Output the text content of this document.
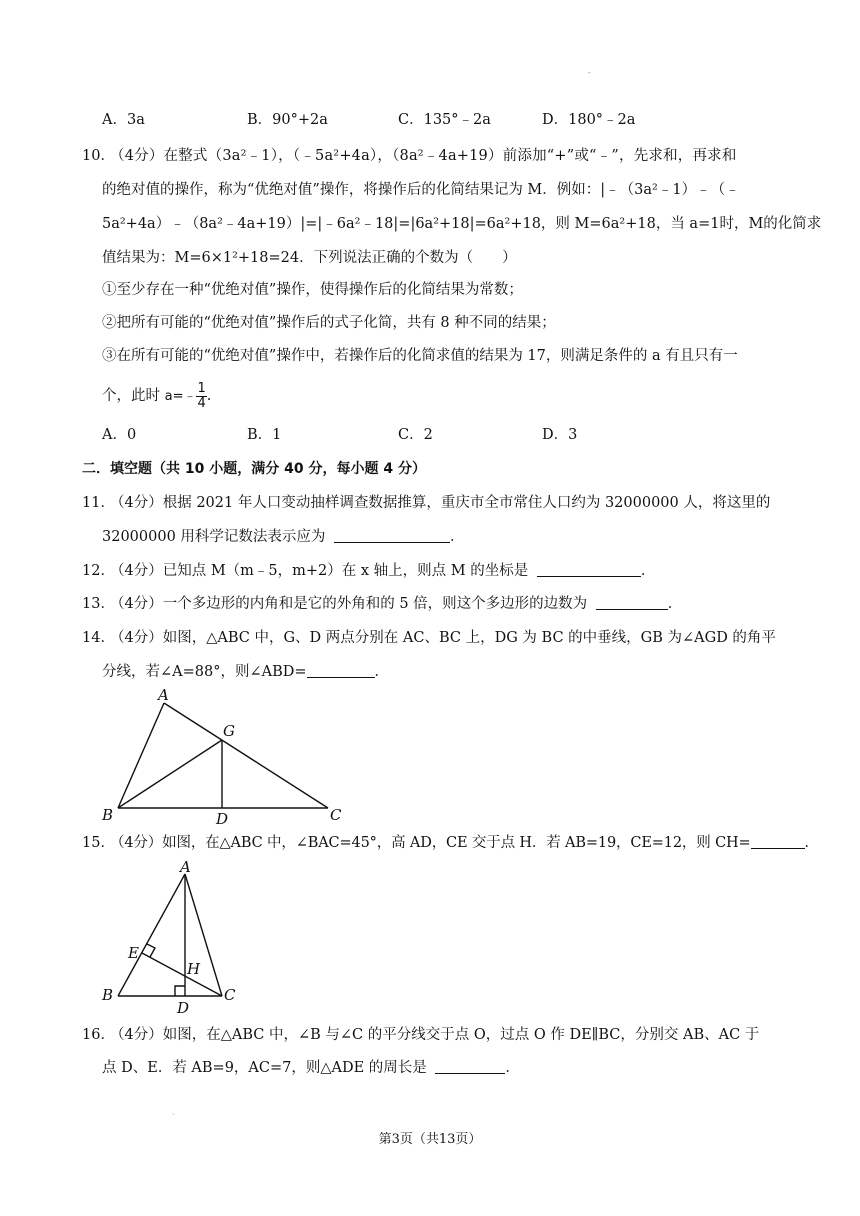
-
A．3a	B．90°+2a	C．135°﹣2a	D．180°﹣2a
10．
（4分）在整式（3a²﹣1），（﹣5a²+4a），（8a²﹣4a+19）前添加“+”或“﹣”，先求和，再求和
的绝对值的操作，称为“优绝对值”操作，将操作后的化简结果记为 M．例如：|﹣（3a²﹣1）﹣（﹣
5a²+4a）﹣（8a²﹣4a+19）|=|﹣6a²﹣18|=|6a²+18|=6a²+18，则 M=6a²+18，当 a=1时，M的化简求
值结果为：M=6×1²+18=24．下列说法正确的个数为（　　）
①至少存在一种“优绝对值”操作，使得操作后的化简结果为常数；
②把所有可能的“优绝对值”操作后的式子化简，共有 8 种不同的结果；
③在所有可能的“优绝对值”操作中，若操作后的化简求值的结果为 17，则满足条件的 a 有且只有一
个，此时 a=﹣ $\frac{1}{4}$ .
A．0	B．1	C．2	D．3
二．填空题（共 10 小题，满分 40 分，每小题 4 分）
11．
（4分）根据 2021 年人口变动抽样调查数据推算，重庆市全市常住人口约为 32000000 人，将这里的
32000000 用科学记数法表示应为	．
12．
（4分）已知点 M（m﹣5，m+2）在 x 轴上，则点 M 的坐标是	．
13．
（4分）一个多边形的内角和是它的外角和的 5 倍，则这个多边形的边数为	．
14．
（4分）如图，△ABC 中，G、D 两点分别在 AC、BC 上，DG 为 BC 的中垂线，GB 为∠AGD 的角平
分线，若∠A=88°，则∠ABD=	．
A
G
B	D	C
15．
（4分）如图，在△ABC 中，∠BAC=45°，高 AD，CE 交于点 H．若 AB=19，CE=12，则 CH=	．
A
E
H
B
D
C
16．
（4分）如图，在△ABC 中，∠B 与∠C 的平分线交于点 O，过点 O 作 DE∥BC，分别交 AB、AC 于
点 D、E．若 AB=9，AC=7，则△ADE 的周长是	．
·
第3页（共13页）
